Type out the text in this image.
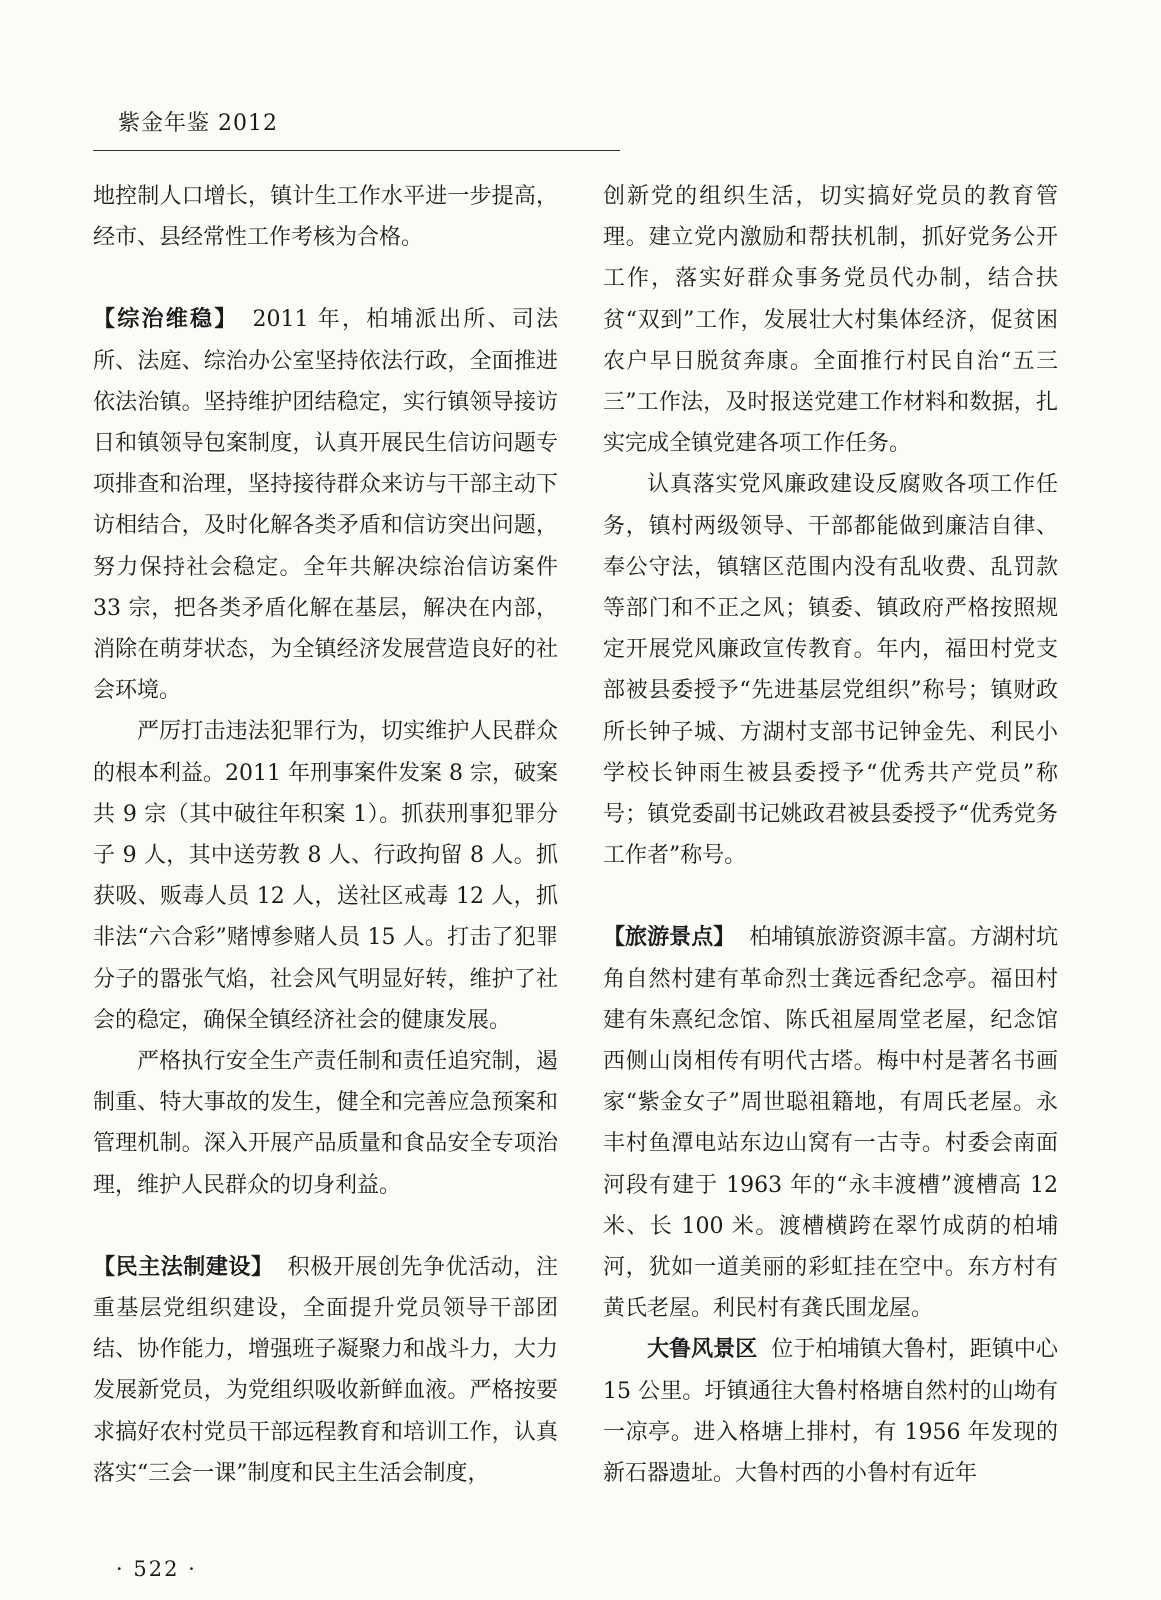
紫金年鉴 2012

地控制人口增长，镇计生工作水平进一步提高，经市、县经常性工作考核为合格。

【综治维稳】 2011 年，柏埔派出所、司法所、法庭、综治办公室坚持依法行政，全面推进依法治镇。坚持维护团结稳定，实行镇领导接访日和镇领导包案制度，认真开展民生信访问题专项排查和治理，坚持接待群众来访与干部主动下访相结合，及时化解各类矛盾和信访突出问题，努力保持社会稳定。全年共解决综治信访案件 33 宗，把各类矛盾化解在基层，解决在内部，消除在萌芽状态，为全镇经济发展营造良好的社会环境。

严厉打击违法犯罪行为，切实维护人民群众的根本利益。2011 年刑事案件发案 8 宗，破案共 9 宗（其中破往年积案 1）。抓获刑事犯罪分子 9 人，其中送劳教 8 人、行政拘留 8 人。抓获吸、贩毒人员 12 人，送社区戒毒 12 人，抓非法“六合彩”赌博参赌人员 15 人。打击了犯罪分子的嚣张气焰，社会风气明显好转，维护了社会的稳定，确保全镇经济社会的健康发展。

严格执行安全生产责任制和责任追究制，遏制重、特大事故的发生，健全和完善应急预案和管理机制。深入开展产品质量和食品安全专项治理，维护人民群众的切身利益。

【民主法制建设】 积极开展创先争优活动，注重基层党组织建设，全面提升党员领导干部团结、协作能力，增强班子凝聚力和战斗力，大力发展新党员，为党组织吸收新鲜血液。严格按要求搞好农村党员干部远程教育和培训工作，认真落实“三会一课”制度和民主生活会制度，

创新党的组织生活，切实搞好党员的教育管理。建立党内激励和帮扶机制，抓好党务公开工作，落实好群众事务党员代办制，结合扶贫“双到”工作，发展壮大村集体经济，促贫困农户早日脱贫奔康。全面推行村民自治“五三三”工作法，及时报送党建工作材料和数据，扎实完成全镇党建各项工作任务。

认真落实党风廉政建设反腐败各项工作任务，镇村两级领导、干部都能做到廉洁自律、奉公守法，镇辖区范围内没有乱收费、乱罚款等部门和不正之风；镇委、镇政府严格按照规定开展党风廉政宣传教育。年内，福田村党支部被县委授予“先进基层党组织”称号；镇财政所长钟子城、方湖村支部书记钟金先、利民小学校长钟雨生被县委授予“优秀共产党员”称号；镇党委副书记姚政君被县委授予“优秀党务工作者”称号。

【旅游景点】 柏埔镇旅游资源丰富。方湖村坑角自然村建有革命烈士龚远香纪念亭。福田村建有朱熹纪念馆、陈氏祖屋周堂老屋，纪念馆西侧山岗相传有明代古塔。梅中村是著名书画家“紫金女子”周世聪祖籍地，有周氏老屋。永丰村鱼潭电站东边山窝有一古寺。村委会南面河段有建于 1963 年的“永丰渡槽”渡槽高 12 米、长 100 米。渡槽横跨在翠竹成荫的柏埔河，犹如一道美丽的彩虹挂在空中。东方村有黄氏老屋。利民村有龚氏围龙屋。

大鲁风景区 位于柏埔镇大鲁村，距镇中心 15 公里。圩镇通往大鲁村格塘自然村的山坳有一凉亭。进入格塘上排村，有 1956 年发现的新石器遗址。大鲁村西的小鲁村有近年

· 522 ·
